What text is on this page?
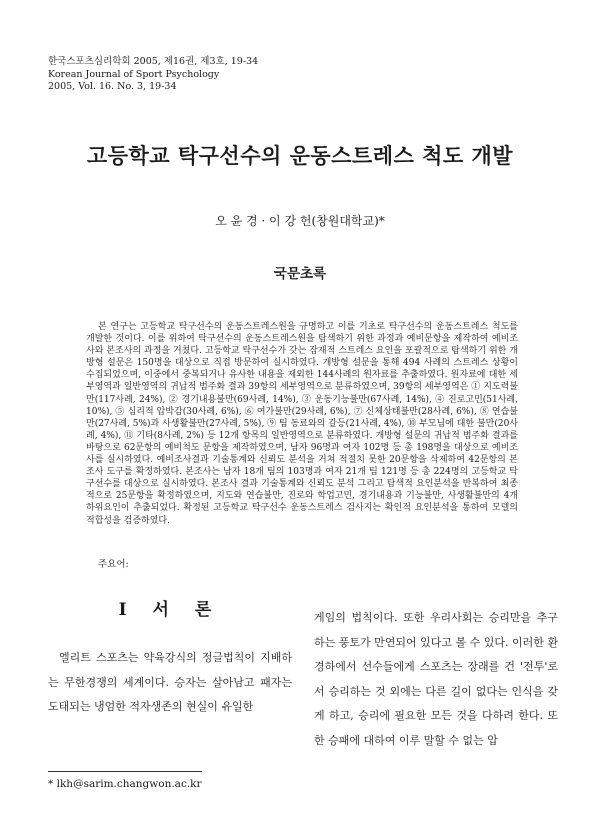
한국스포츠심리학회 2005, 제16권, 제3호, 19-34
Korean Journal of Sport Psychology
2005, Vol. 16. No. 3, 19-34
고등학교 탁구선수의 운동스트레스 척도 개발
오 윤 경 · 이 강 헌(창원대학교)*
국문초록

본 연구는 고등학교 탁구선수의 운동스트레스원을 규명하고 이를 기초로 탁구선수의 운동스트레스 척도를 개발한 것이다. 이를 위하여 탁구선수의 운동스트레스원을 탐색하기 위한 과정과 예비문항을 제작하여 예비조사와 본조사의 과정을 거쳤다. 고등학교 탁구선수가 갖는 잠재적 스트레스 요인을 포괄적으로 탐색하기 위한 개방형 설문은 150명을 대상으로 직접 방문하여 실시하였다. 개방형 설문을 통해 494 사례의 스트레스 상황이 수집되었으며, 이중에서 중복되거나 유사한 내용을 제외한 144사례의 원자료를 추출하였다. 원자료에 대한 세부영역과 일반영역의 귀납적 범주화 결과 39항의 세부영역으로 분류하였으며, 39항의 세부영역은 ① 지도력불만(117사례, 24%), ② 경기내용불만(69사례, 14%), ③ 운동기능불만(67사례, 14%), ④ 진로고민(51사례, 10%), ⑤ 심리적 압박감(30사례, 6%), ⑥ 여가불만(29사례, 6%), ⑦ 신체상태불만(28사례, 6%), ⑧ 연습불만(27사례, 5%)과 사생활불만(27사례, 5%), ⑨ 팀 동료와의 갈등(21사례, 4%), ⑩ 부모님에 대한 불만(20사례, 4%), ⑪ 기타(8사례, 2%) 등 12개 항목의 일반영역으로 분류하였다. 개방형 설문의 귀납적 범주화 결과를 바탕으로 62문항의 예비척도 문항을 제작하였으며, 남자 96명과 여자 102명 등 총 198명을 대상으로 예비조사를 실시하였다. 예비조사결과 기술통계와 신뢰도 분석을 거쳐 적절치 못한 20문항을 삭제하여 42문항의 본조사 도구를 확정하였다. 본조사는 남자 18개 팀의 103명과 여자 21개 팀 121명 등 총 224명의 고등학교 탁구선수를 대상으로 실시하였다. 본조사 결과 기술통계와 신뢰도 분석 그리고 탐색적 요인분석을 반복하여 최종적으로 25문항을 확정하였으며, 지도와 연습불만, 진로와 학업고민, 경기내용과 기능불만, 사생활불만의 4개 하위요인이 추출되었다. 확정된 고등학교 탁구선수 운동스트레스 검사지는 확인적 요인분석을 통하여 모델의 적합성을 검증하였다.

주요어:
I 서 론

엘리트 스포츠는 약육강식의 정글법칙이 지배하는 무한경쟁의 세계이다. 승자는 살아남고 패자는 도태되는 냉엄한 적자생존의 현실이 유일한

게임의 법칙이다. 또한 우리사회는 승리만을 추구하는 풍토가 만연되어 있다고 볼 수 있다. 이러한 환경하에서 선수들에게 스포츠는 장래를 건 '전투'로서 승리하는 것 외에는 다른 길이 없다는 인식을 갖게 하고, 승리에 필요한 모든 것을 다하려 한다. 또한 승패에 대하여 이루 말할 수 없는 압

* lkh@sarim.changwon.ac.kr
